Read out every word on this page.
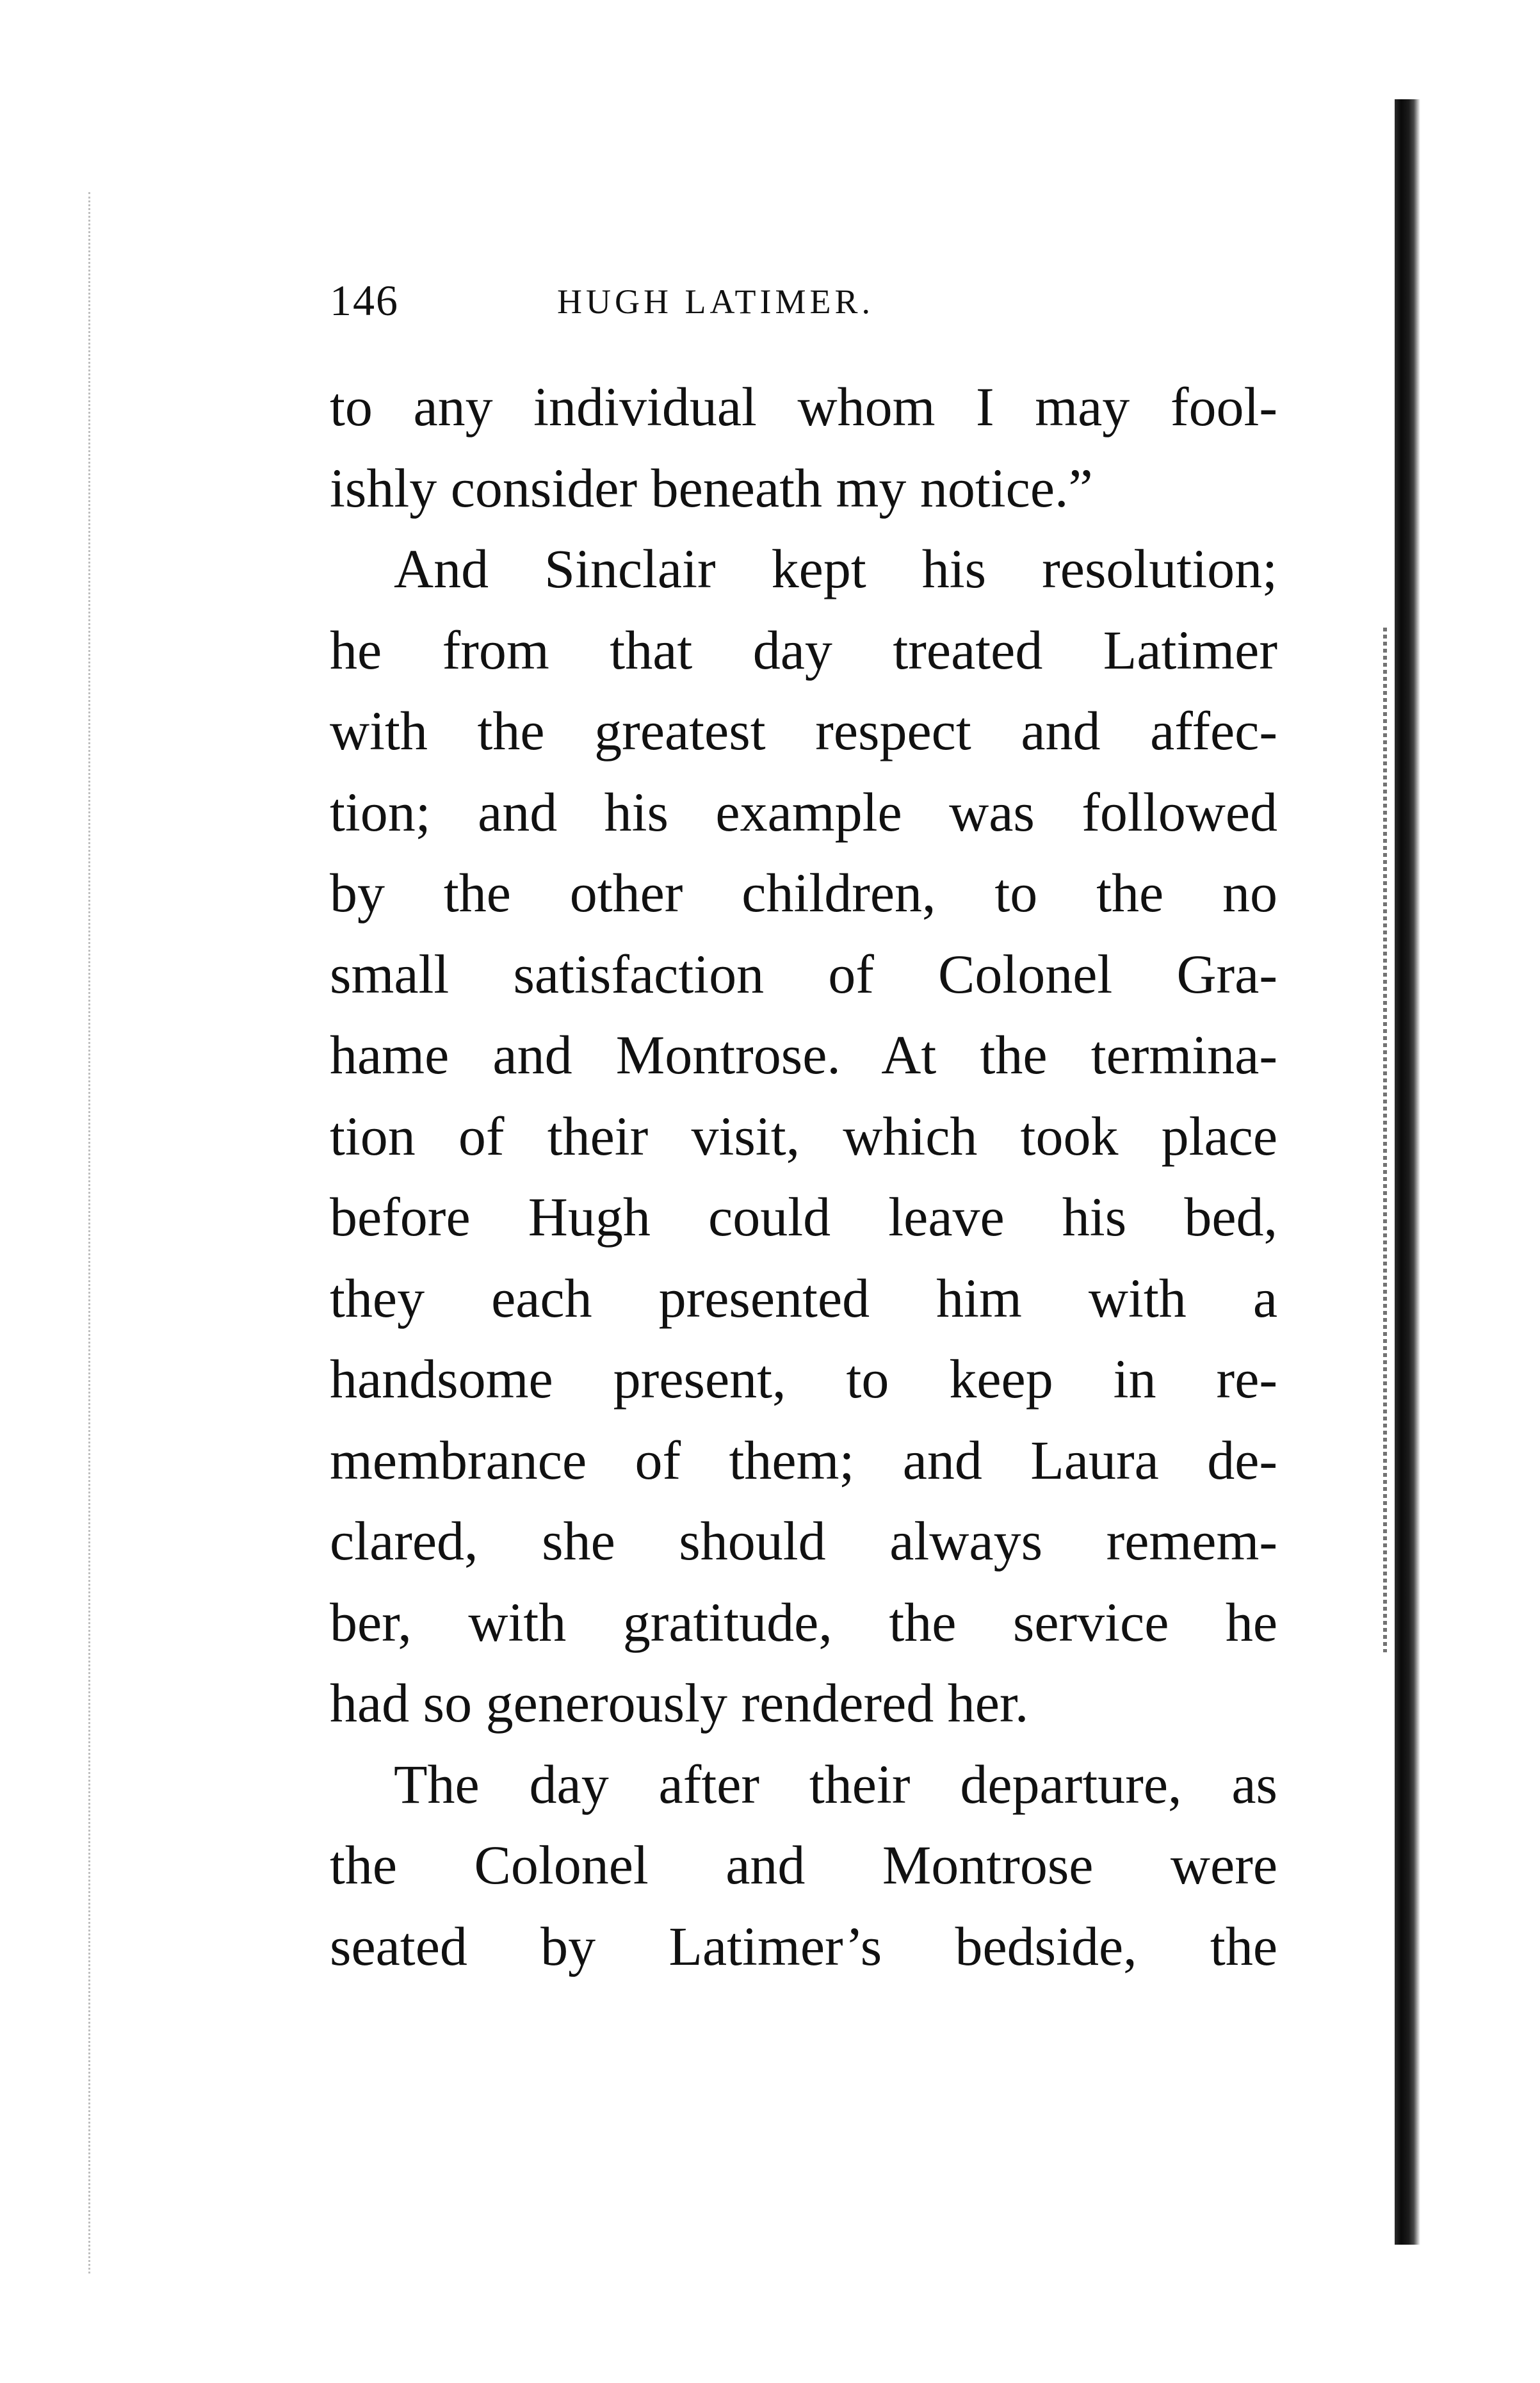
146	HUGH LATIMER.
to any individual whom I may fool-
ishly consider beneath my notice.”
And Sinclair kept his resolution;
he from that day treated Latimer
with the greatest respect and affec-
tion; and his example was followed
by the other children, to the no
small satisfaction of Colonel Gra-
hame and Montrose. At the termina-
tion of their visit, which took place
before Hugh could leave his bed,
they each presented him with a
handsome present, to keep in re-
membrance of them; and Laura de-
clared, she should always remem-
ber, with gratitude, the service he
had so generously rendered her.
The day after their departure, as
the Colonel and Montrose were
seated by Latimer’s bedside, the
